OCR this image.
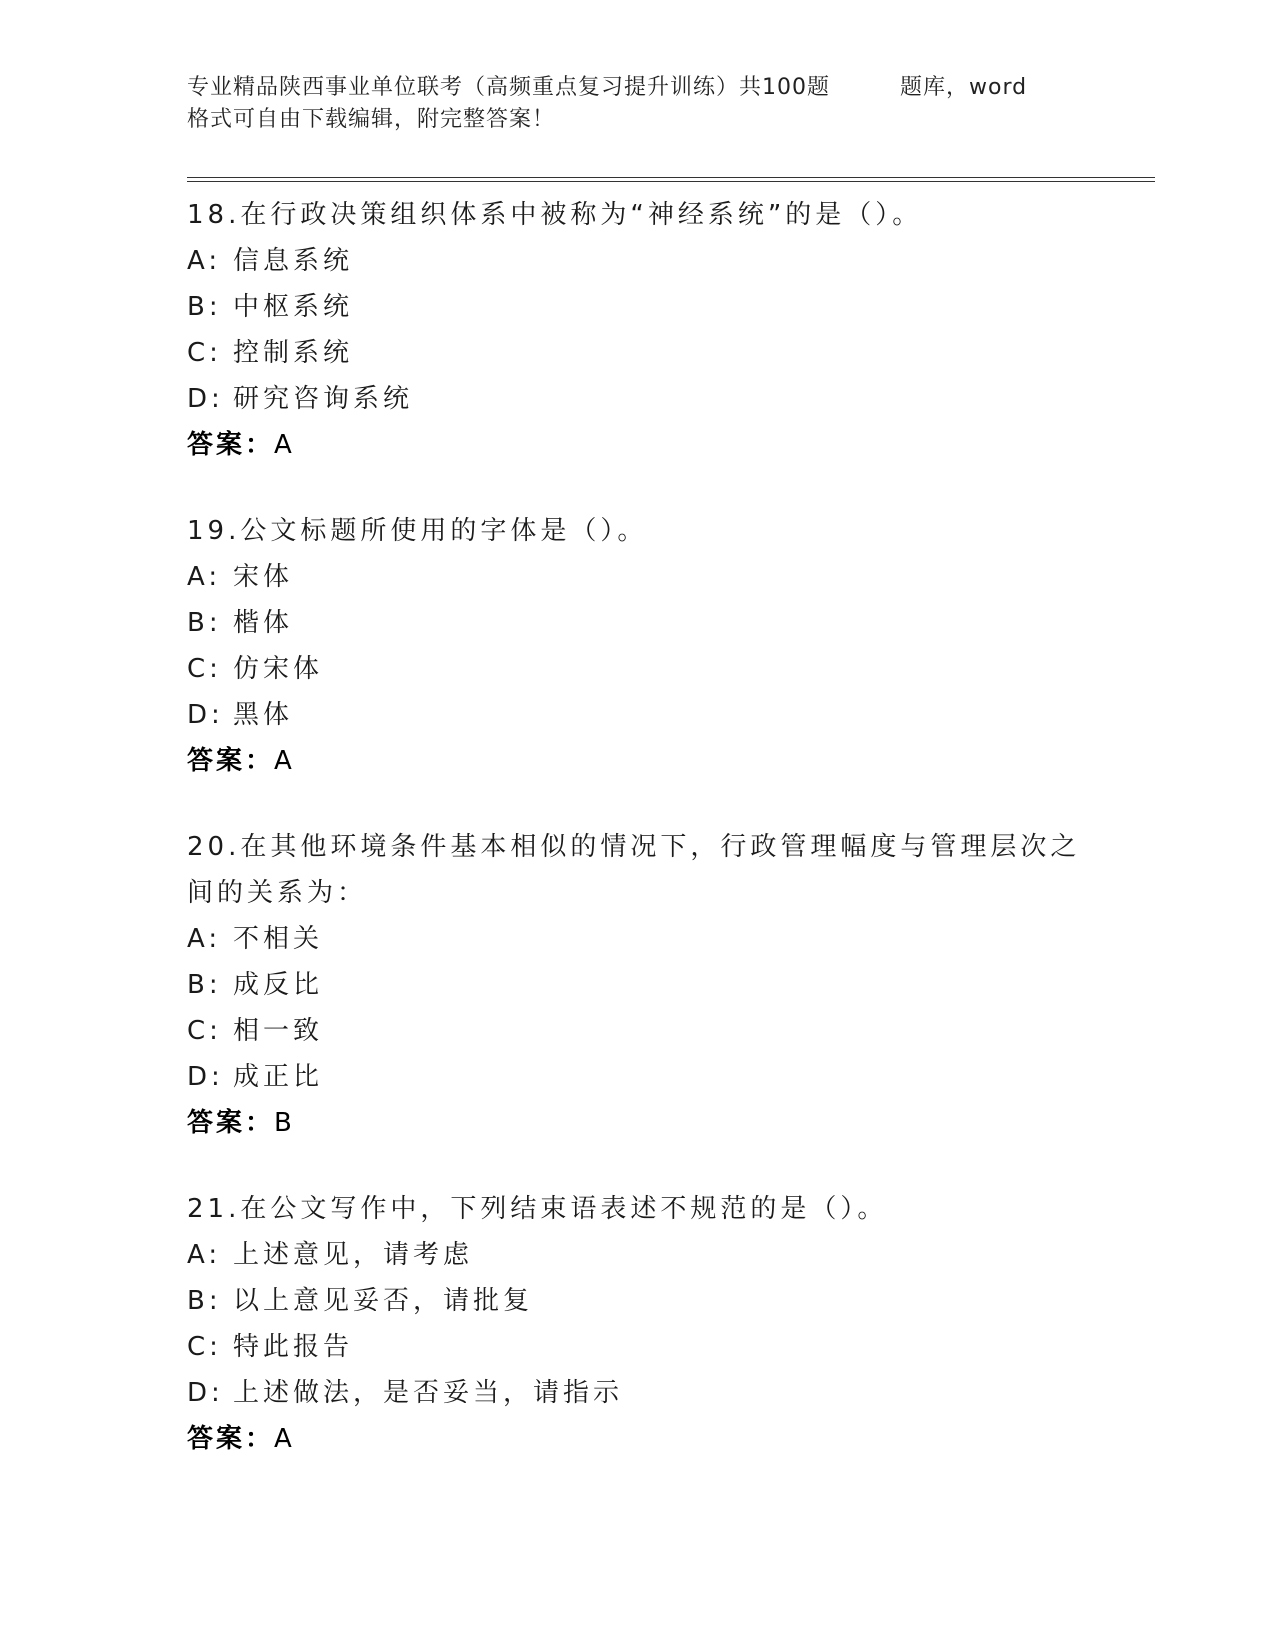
专业精品陕西事业单位联考（高频重点复习提升训练）共100题	题库，word
格式可自由下载编辑，附完整答案！

18.在行政决策组织体系中被称为“神经系统”的是（）。

A: 信息系统

B: 中枢系统

C: 控制系统

D: 研究咨询系统

答案：A

19.公文标题所使用的字体是（）。

A: 宋体

B: 楷体

C: 仿宋体

D: 黑体

答案：A

20.在其他环境条件基本相似的情况下，行政管理幅度与管理层次之间的关系为：

A: 不相关

B: 成反比

C: 相一致

D: 成正比

答案：B

21.在公文写作中，下列结束语表述不规范的是（）。

A: 上述意见，请考虑

B: 以上意见妥否，请批复

C: 特此报告

D: 上述做法，是否妥当，请指示

答案：A
